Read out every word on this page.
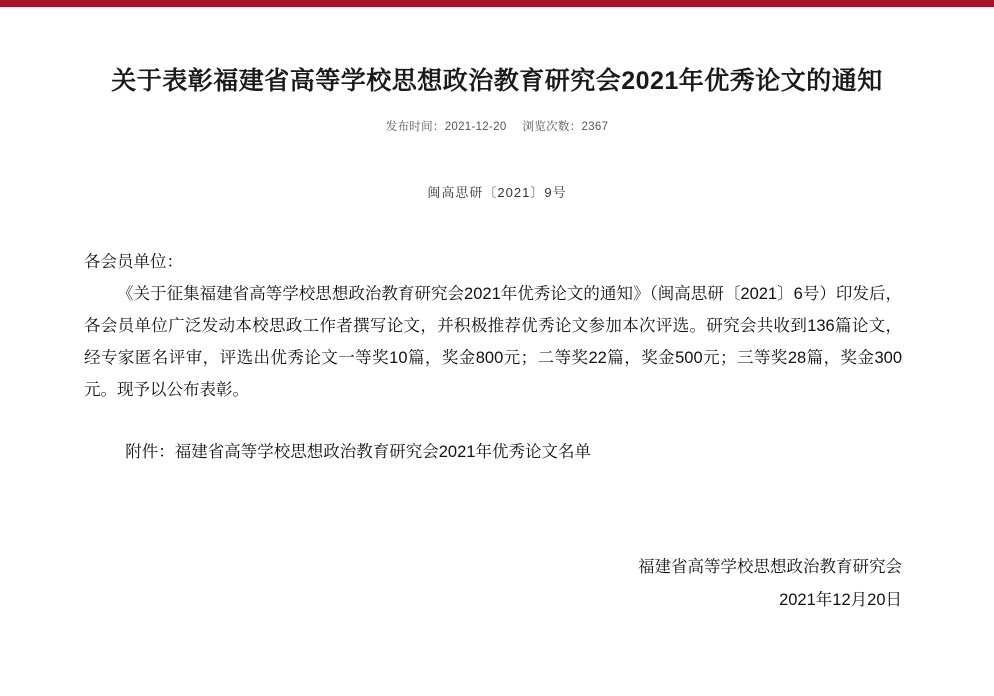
关于表彰福建省高等学校思想政治教育研究会2021年优秀论文的通知
发布时间：2021-12-20 浏览次数：2367
闽高思研〔2021〕9号
各会员单位：

《关于征集福建省高等学校思想政治教育研究会2021年优秀论文的通知》（闽高思研〔2021〕6号）印发后，各会员单位广泛发动本校思政工作者撰写论文，并积极推荐优秀论文参加本次评选。研究会共收到136篇论文，经专家匿名评审，评选出优秀论文一等奖10篇，奖金800元；二等奖22篇，奖金500元；三等奖28篇，奖金300元。现予以公布表彰。

附件：福建省高等学校思想政治教育研究会2021年优秀论文名单
福建省高等学校思想政治教育研究会
2021年12月20日
